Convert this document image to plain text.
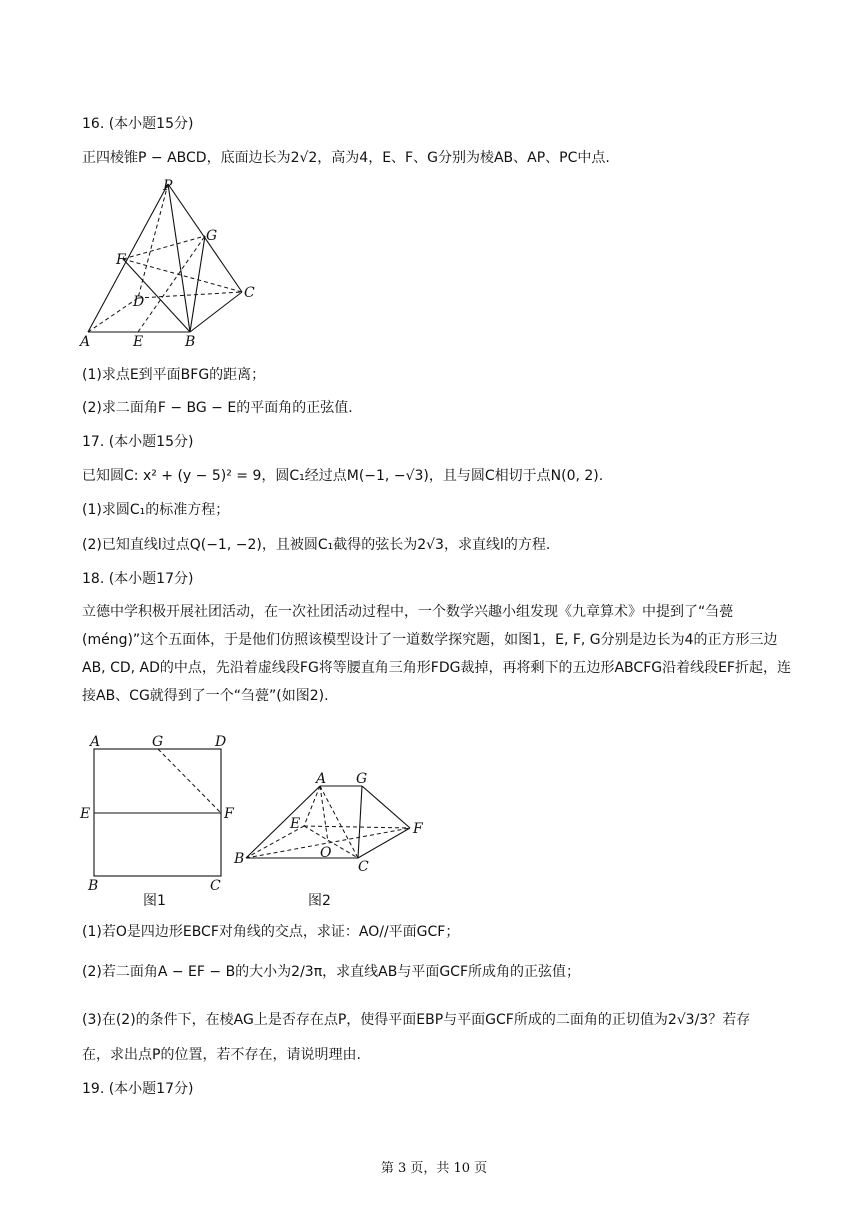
16. (本小题15分)
正四棱锥P − ABCD，底面边长为2√2，高为4，E、F、G分别为棱AB、AP、PC中点.
P
G
F
D
C
A	E	B
(1)求点E到平面BFG的距离；
(2)求二面角F − BG − E的平面角的正弦值.
17. (本小题15分)
已知圆C: x² + (y − 5)² = 9，圆C₁经过点M(−1, −√3)，且与圆C相切于点N(0, 2).
(1)求圆C₁的标准方程；
(2)已知直线l过点Q(−1, −2)，且被圆C₁截得的弦长为2√3，求直线l的方程.
18. (本小题17分)
立德中学积极开展社团活动，在一次社团活动过程中，一个数学兴趣小组发现《九章算术》中提到了“刍甍(méng)”这个五面体，于是他们仿照该模型设计了一道数学探究题，如图1，E, F, G分别是边长为4的正方形三边AB, CD, AD的中点，先沿着虚线段FG将等腰直角三角形FDG裁掉，再将剩下的五边形ABCFG沿着线段EF折起，连接AB、CG就得到了一个“刍甍”(如图2).
A	G	D
E	F
B	C
图1
A G
E	F
O
B	C
图2
(1)若O是四边形EBCF对角线的交点，求证：AO//平面GCF；
(2)若二面角A − EF − B的大小为2/3π，求直线AB与平面GCF所成角的正弦值；
(3)在(2)的条件下，在棱AG上是否存在点P，使得平面EBP与平面GCF所成的二面角的正切值为2√3/3？若存
在，求出点P的位置，若不存在，请说明理由.
19. (本小题17分)
第 3 页，共 10 页
